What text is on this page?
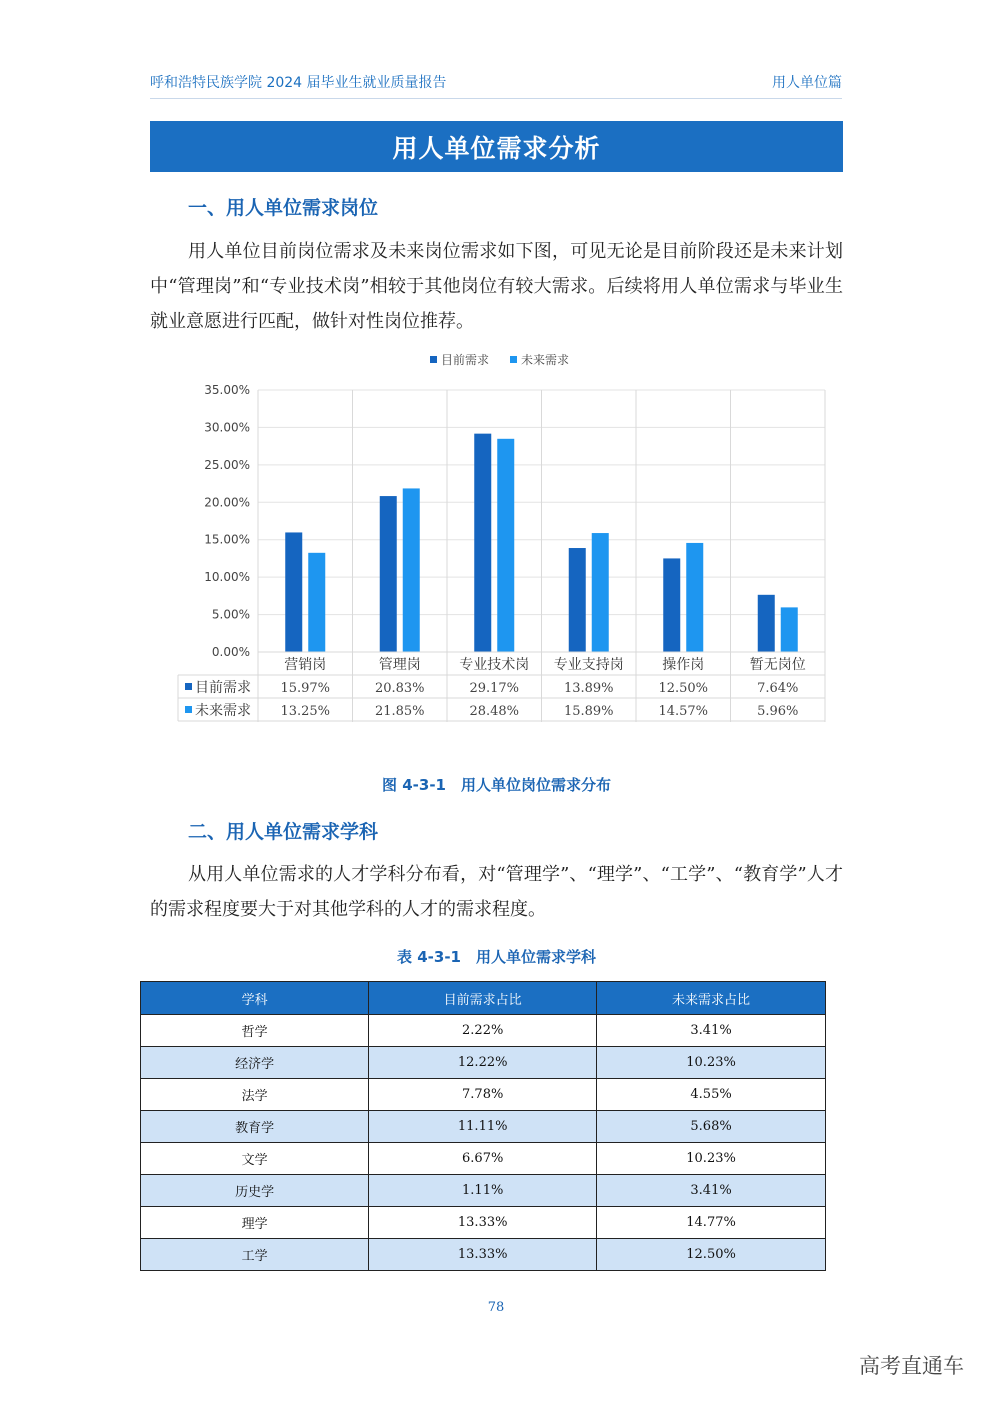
呼和浩特民族学院 2024 届毕业生就业质量报告	用人单位篇
用人单位需求分析
一、用人单位需求岗位
用人单位目前岗位需求及未来岗位需求如下图，可见无论是目前阶段还是未来计划中“管理岗”和“专业技术岗”相较于其他岗位有较大需求。后续将用人单位需求与毕业生就业意愿进行匹配，做针对性岗位推荐。
目前需求	未来需求
0.00%
5.00%
10.00%
15.00%
20.00%
25.00%
30.00%
35.00%
营销岗	管理岗	专业技术岗 专业支持岗	操作岗	暂无岗位
目前需求 15.97%	20.83%	29.17%	13.89%	12.50%	7.64%
未来需求 13.25%	21.85%	28.48%	15.89%	14.57%	5.96%
图 4-3-1　用人单位岗位需求分布
二、用人单位需求学科
从用人单位需求的人才学科分布看，对“管理学”、“理学”、“工学”、“教育学”人才的需求程度要大于对其他学科的人才的需求程度。
表 4-3-1　用人单位需求学科
学科	目前需求占比	未来需求占比
哲学	2.22%	3.41%
经济学	12.22%	10.23%
法学	7.78%	4.55%
教育学	11.11%	5.68%
文学	6.67%	10.23%
历史学	1.11%	3.41%
理学	13.33%	14.77%
工学	13.33%	12.50%
78
高考直通车
